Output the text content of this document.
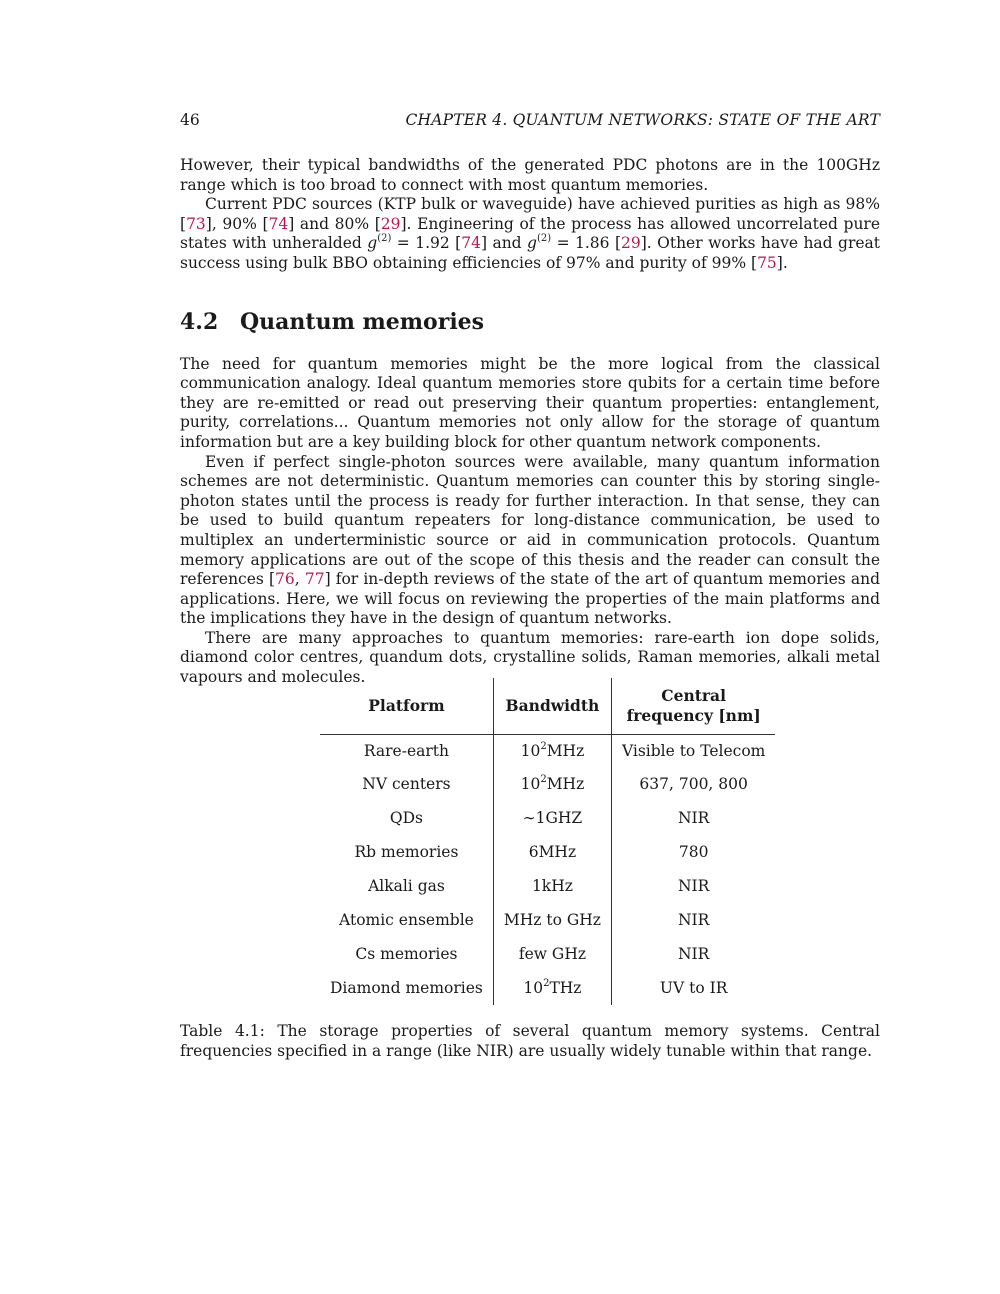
46	CHAPTER 4. QUANTUM NETWORKS: STATE OF THE ART

However, their typical bandwidths of the generated PDC photons are in the 100GHz range which is too broad to connect with most quantum memories.

Current PDC sources (KTP bulk or waveguide) have achieved purities as high as 98% [73], 90% [74] and 80% [29]. Engineering of the process has allowed uncorrelated pure states with unheralded $g^{(2)} = 1.92$ [74] and $g^{(2)} = 1.86$ [29]. Other works have had great success using bulk BBO obtaining efficiencies of 97% and purity of 99% [75].

4.2 Quantum memories

The need for quantum memories might be the more logical from the classical communication analogy. Ideal quantum memories store qubits for a certain time before they are re-emitted or read out preserving their quantum properties: entanglement, purity, correlations... Quantum memories not only allow for the storage of quantum information but are a key building block for other quantum network components.

Even if perfect single-photon sources were available, many quantum information schemes are not deterministic. Quantum memories can counter this by storing single-photon states until the process is ready for further interaction. In that sense, they can be used to build quantum repeaters for long-distance communication, be used to multiplex an underterministic source or aid in communication protocols. Quantum memory applications are out of the scope of this thesis and the reader can consult the references [76, 77] for in-depth reviews of the state of the art of quantum memories and applications. Here, we will focus on reviewing the properties of the main platforms and the implications they have in the design of quantum networks.

There are many approaches to quantum memories: rare-earth ion dope solids, diamond color centres, quandum dots, crystalline solids, Raman memories, alkali metal vapours and molecules.

Platform	Bandwidth	Central
frequency [nm]
Rare-earth	$10^2MHz$	Visible to Telecom
NV centers	$10^2MHz$	637, 700, 800
QDs	∼1GHZ	NIR
Rb memories	6MHz	780
Alkali gas	1kHz	NIR
Atomic ensemble	MHz to GHz	NIR
Cs memories	few GHz	NIR
Diamond memories	$10^2THz$	UV to IR
Table 4.1: The storage properties of several quantum memory systems. Central frequencies specified in a range (like NIR) are usually widely tunable within that range.
